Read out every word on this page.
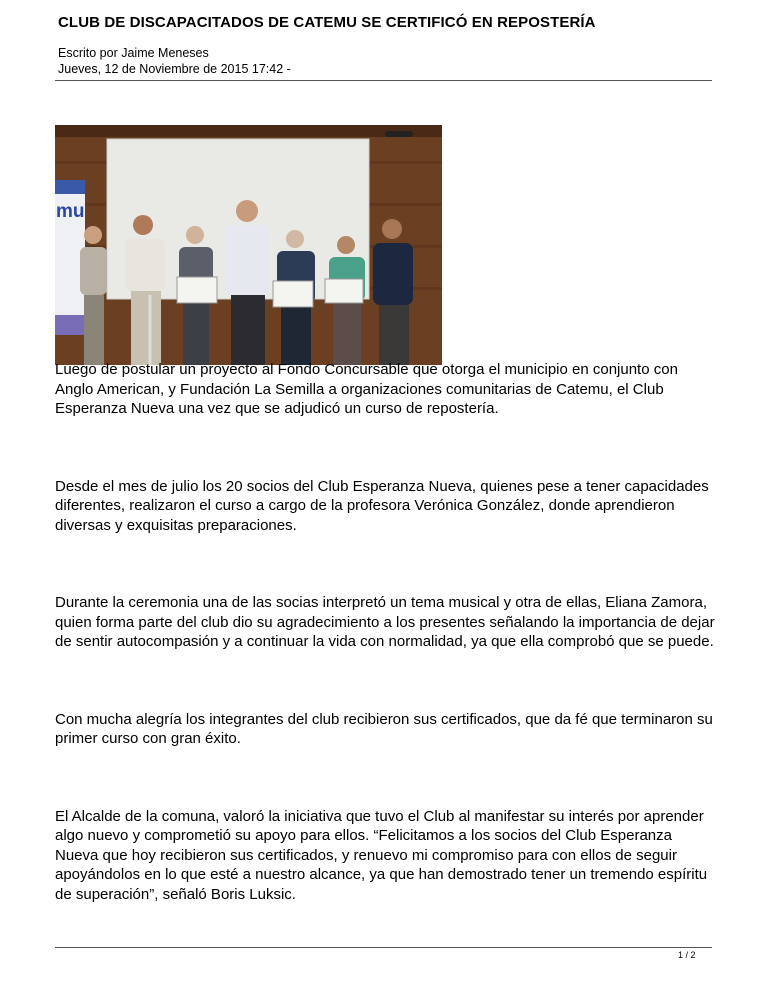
CLUB DE DISCAPACITADOS DE CATEMU SE CERTIFICÓ EN REPOSTERÍA
Escrito por Jaime Meneses
Jueves, 12 de Noviembre de 2015 17:42 -
mu

Luego de postular un proyecto al Fondo Concursable que otorga el municipio en conjunto con Anglo American, y Fundación La Semilla a organizaciones comunitarias de Catemu, el Club Esperanza Nueva una vez que se adjudicó un curso de repostería.

Desde el mes de julio los 20 socios del Club Esperanza Nueva, quienes pese a tener capacidades diferentes, realizaron el curso a cargo de la profesora Verónica González, donde aprendieron diversas y exquisitas preparaciones.

Durante la ceremonia una de las socias interpretó un tema musical y otra de ellas, Eliana Zamora, quien forma parte del club dio su agradecimiento a los presentes señalando la importancia de dejar de sentir autocompasión y a continuar la vida con normalidad, ya que ella comprobó que se puede.

Con mucha alegría los integrantes del club recibieron sus certificados, que da fé que terminaron su primer curso con gran éxito.

El Alcalde de la comuna, valoró la iniciativa que tuvo el Club al manifestar su interés por aprender algo nuevo y comprometió su apoyo para ellos. “Felicitamos a los socios del Club Esperanza Nueva que hoy recibieron sus certificados, y renuevo mi compromiso para con ellos de seguir apoyándolos en lo que esté a nuestro alcance, ya que han demostrado tener un tremendo espíritu de superación”, señaló Boris Luksic.

1 / 2
